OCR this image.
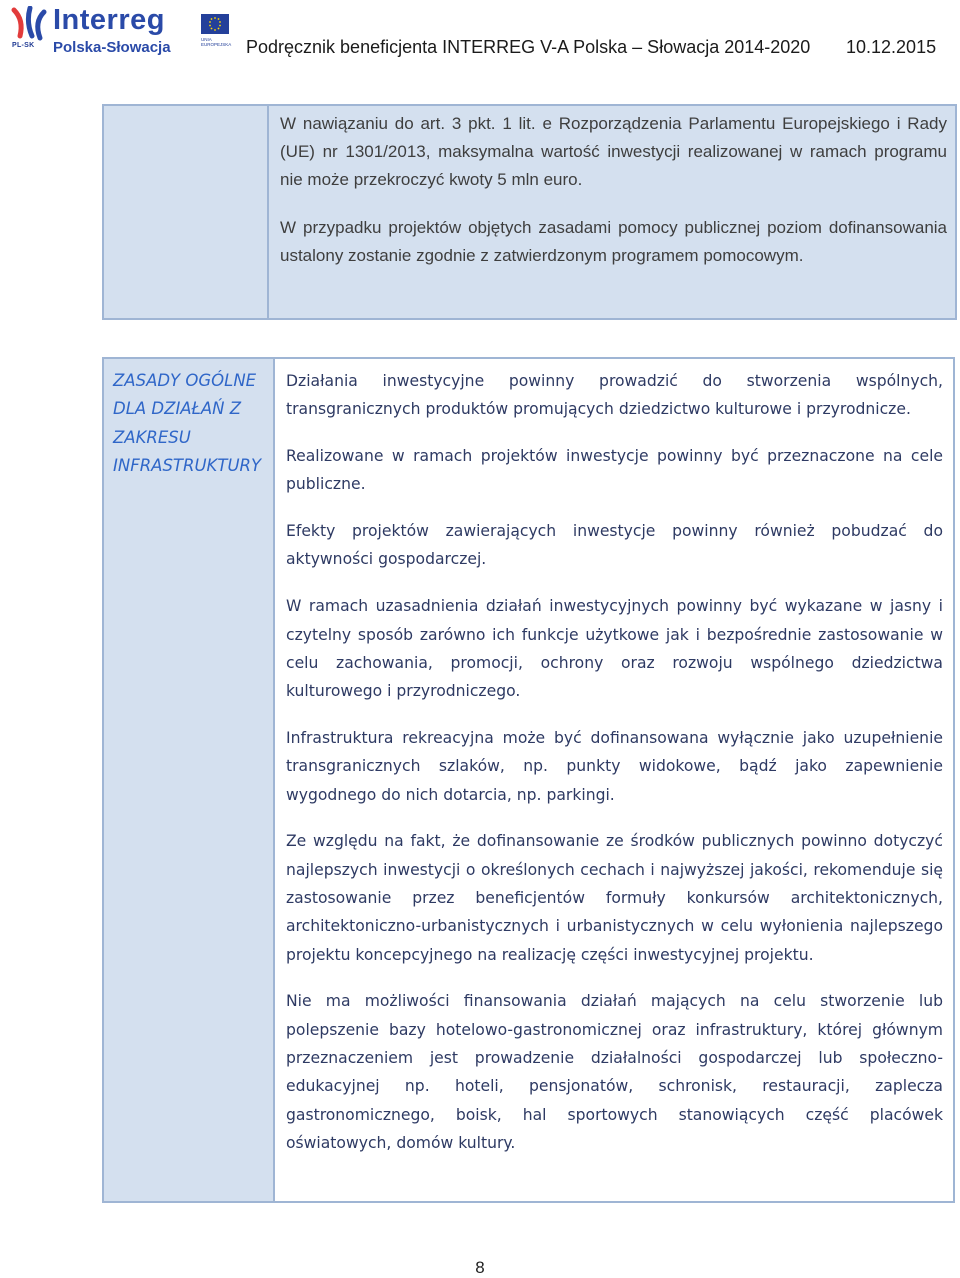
PL-SK
Interreg
Polska-Słowacja	UNIA EUROPEJSKA Podręcznik beneficjenta INTERREG V-A Polska – Słowacja 2014-2020 10.12.2015

W nawiązaniu do art. 3 pkt. 1 lit. e Rozporządzenia Parlamentu Europejskiego i Rady (UE) nr 1301/2013, maksymalna wartość inwestycji realizowanej w ramach programu nie może przekroczyć kwoty 5 mln euro.

W przypadku projektów objętych zasadami pomocy publicznej poziom dofinansowania ustalony zostanie zgodnie z zatwierdzonym programem pomocowym.

ZASADY OGÓLNE DLA DZIAŁAŃ Z ZAKRESU INFRASTRUKTURY

Działania inwestycyjne powinny prowadzić do stworzenia wspólnych, transgranicznych produktów promujących dziedzictwo kulturowe i przyrodnicze.

Realizowane w ramach projektów inwestycje powinny być przeznaczone na cele publiczne.

Efekty projektów zawierających inwestycje powinny również pobudzać do aktywności gospodarczej.

W ramach uzasadnienia działań inwestycyjnych powinny być wykazane w jasny i czytelny sposób zarówno ich funkcje użytkowe jak i bezpośrednie zastosowanie w celu zachowania, promocji, ochrony oraz rozwoju wspólnego dziedzictwa kulturowego i przyrodniczego.

Infrastruktura rekreacyjna może być dofinansowana wyłącznie jako uzupełnienie transgranicznych szlaków, np. punkty widokowe, bądź jako zapewnienie wygodnego do nich dotarcia, np. parkingi.

Ze względu na fakt, że dofinansowanie ze środków publicznych powinno dotyczyć najlepszych inwestycji o określonych cechach i najwyższej jakości, rekomenduje się zastosowanie przez beneficjentów formuły konkursów architektonicznych, architektoniczno-urbanistycznych i urbanistycznych w celu wyłonienia najlepszego projektu koncepcyjnego na realizację części inwestycyjnej projektu.

Nie ma możliwości finansowania działań mających na celu stworzenie lub polepszenie bazy hotelowo-gastronomicznej oraz infrastruktury, której głównym przeznaczeniem jest prowadzenie działalności gospodarczej lub społeczno-edukacyjnej np. hoteli, pensjonatów, schronisk, restauracji, zaplecza gastronomicznego, boisk, hal sportowych stanowiących część placówek oświatowych, domów kultury.

8
